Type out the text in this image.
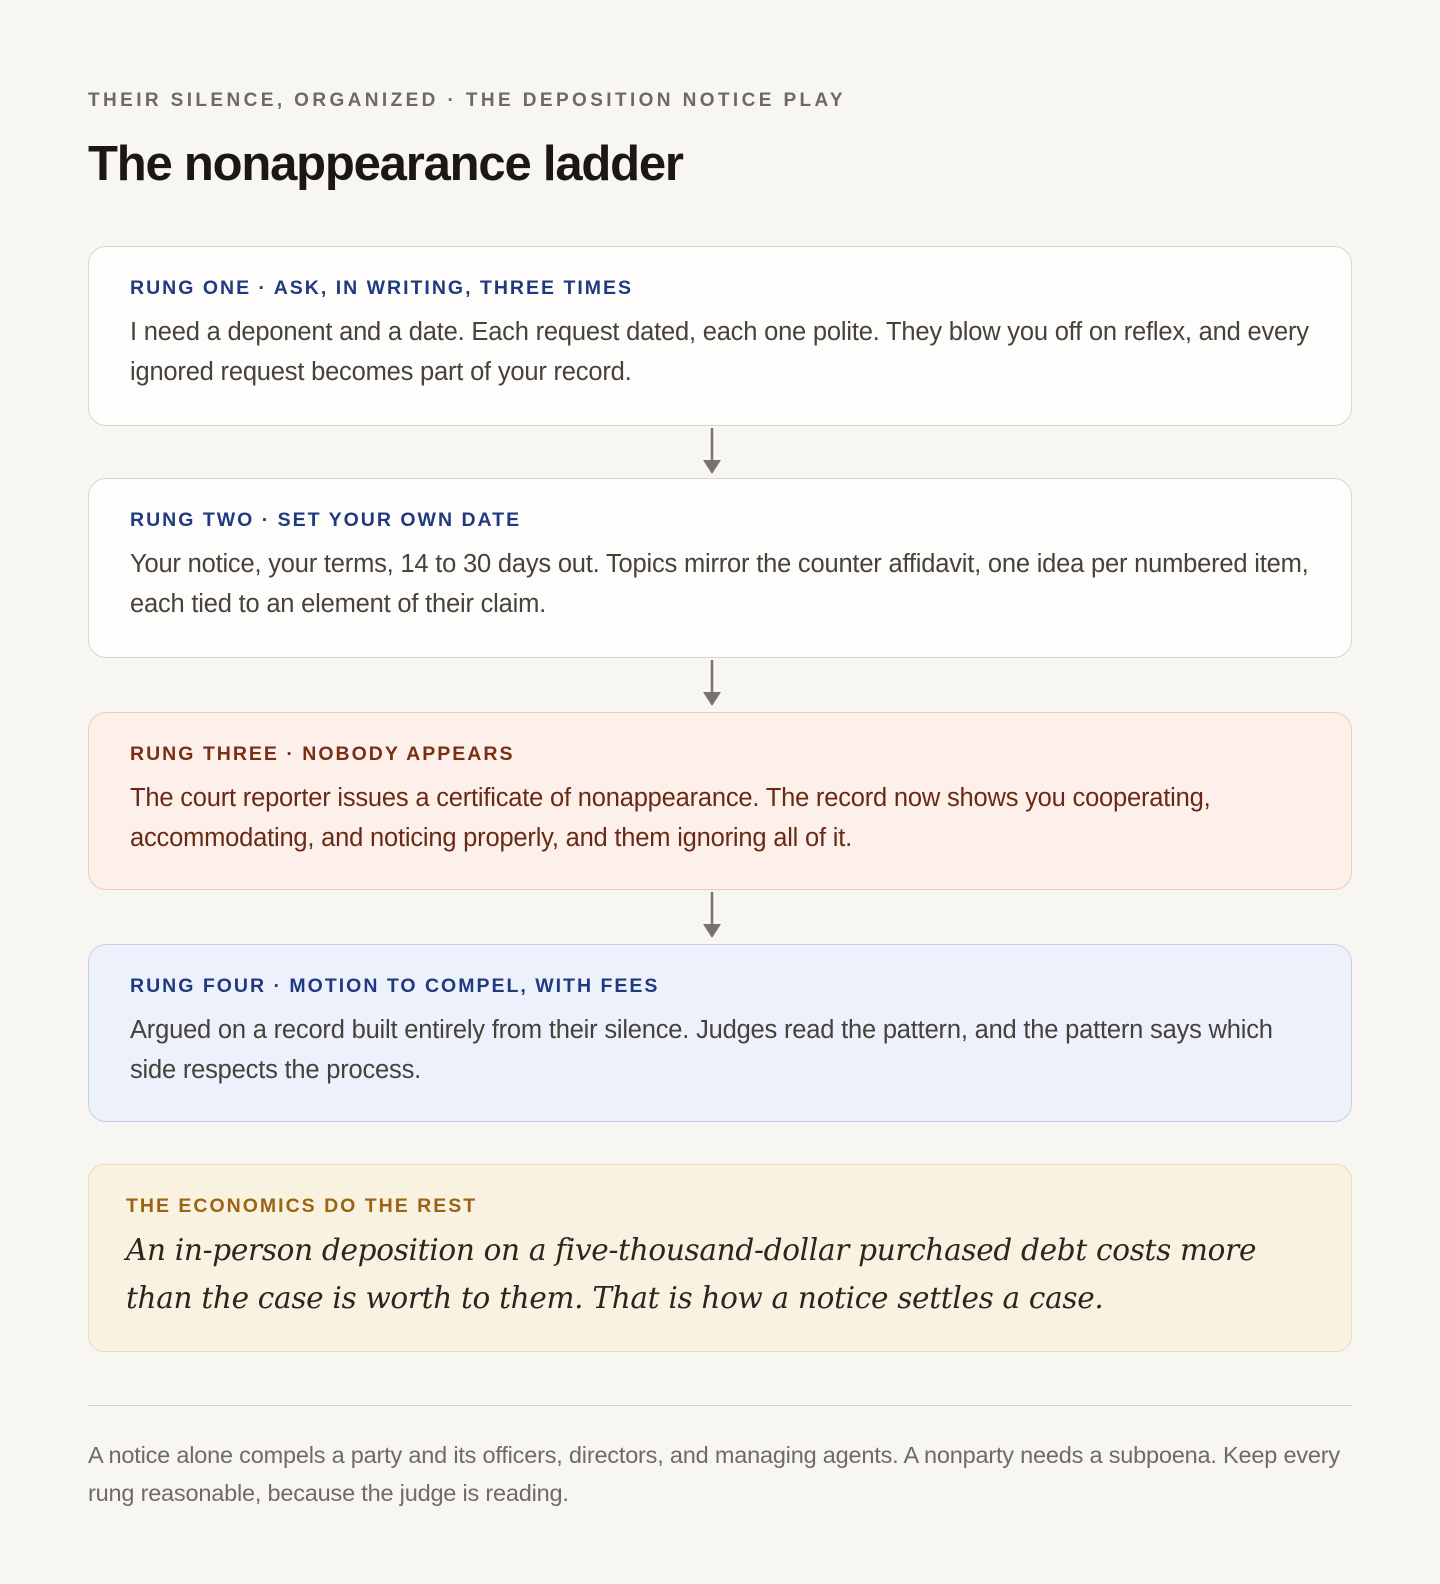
THEIR SILENCE, ORGANIZED · THE DEPOSITION NOTICE PLAY
The nonappearance ladder
RUNG ONE · ASK, IN WRITING, THREE TIMES
I need a deponent and a date. Each request dated, each one polite. They blow you off on reflex, and every ignored request becomes part of your record.
RUNG TWO · SET YOUR OWN DATE
Your notice, your terms, 14 to 30 days out. Topics mirror the counter affidavit, one idea per numbered item, each tied to an element of their claim.
RUNG THREE · NOBODY APPEARS
The court reporter issues a certificate of nonappearance. The record now shows you cooperating, accommodating, and noticing properly, and them ignoring all of it.
RUNG FOUR · MOTION TO COMPEL, WITH FEES
Argued on a record built entirely from their silence. Judges read the pattern, and the pattern says which side respects the process.
THE ECONOMICS DO THE REST
An in-person deposition on a five-thousand-dollar purchased debt costs more than the case is worth to them. That is how a notice settles a case.

A notice alone compels a party and its officers, directors, and managing agents. A nonparty needs a subpoena. Keep every rung reasonable, because the judge is reading.
